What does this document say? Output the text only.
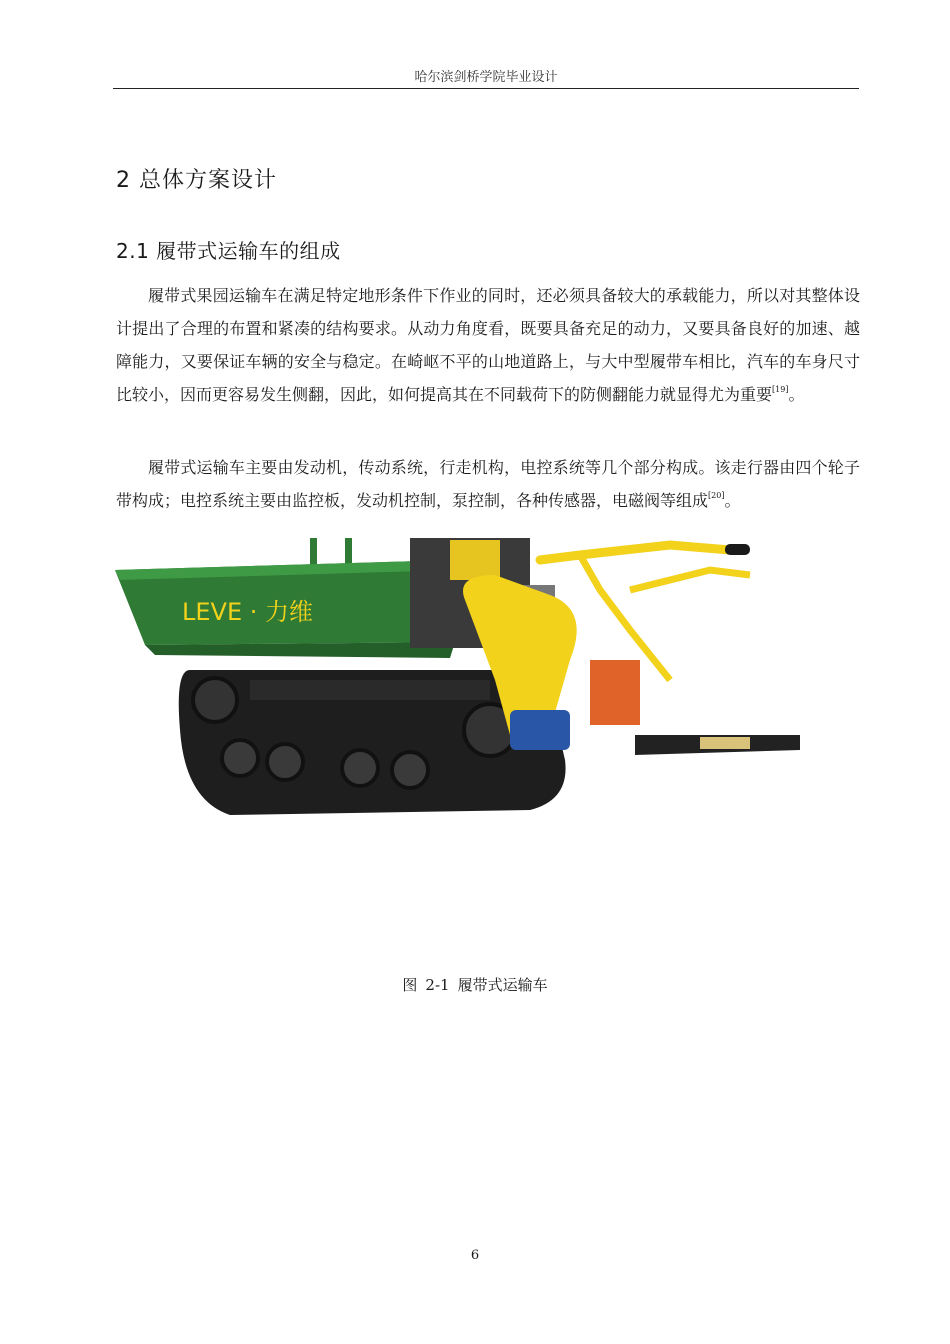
哈尔滨剑桥学院毕业设计
2 总体方案设计
2.1 履带式运输车的组成

履带式果园运输车在满足特定地形条件下作业的同时，还必须具备较大的承载能力，所以对其整体设计提出了合理的布置和紧凑的结构要求。从动力角度看，既要具备充足的动力，又要具备良好的加速、越障能力，又要保证车辆的安全与稳定。在崎岖不平的山地道路上，与大中型履带车相比，汽车的车身尺寸比较小，因而更容易发生侧翻，因此，如何提高其在不同载荷下的防侧翻能力就显得尤为重要[19]。

履带式运输车主要由发动机，传动系统，行走机构，电控系统等几个部分构成。该走行器由四个轮子带构成；电控系统主要由监控板，发动机控制，泵控制，各种传感器，电磁阀等组成[20]。

LEVE · 力维
图 2-1 履带式运输车
6
